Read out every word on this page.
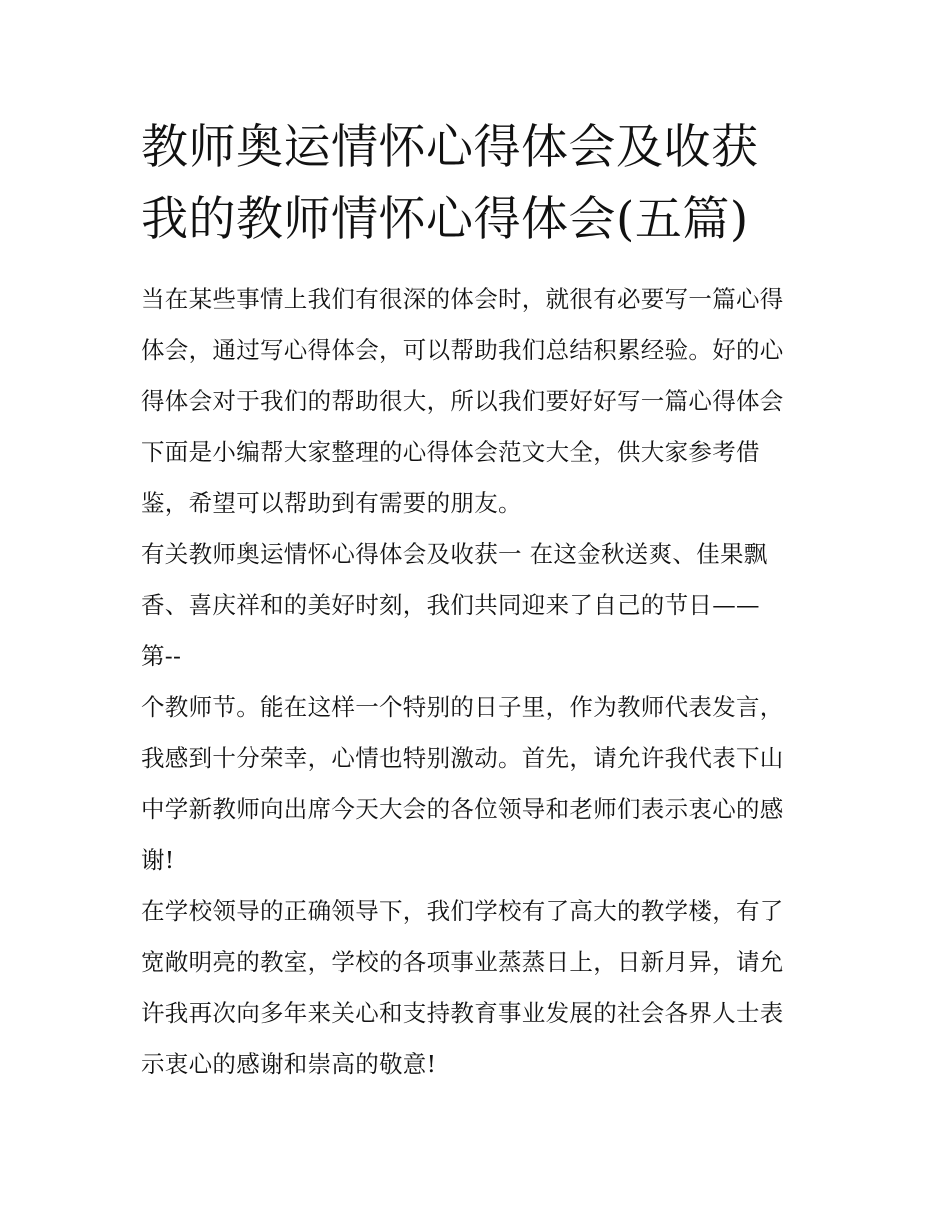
教师奥运情怀心得体会及收获
我的教师情怀心得体会(五篇)
当在某些事情上我们有很深的体会时，就很有必要写一篇心得
体会，通过写心得体会，可以帮助我们总结积累经验。好的心
得体会对于我们的帮助很大，所以我们要好好写一篇心得体会
下面是小编帮大家整理的心得体会范文大全，供大家参考借
鉴，希望可以帮助到有需要的朋友。
有关教师奥运情怀心得体会及收获一 在这金秋送爽、佳果飘
香、喜庆祥和的美好时刻，我们共同迎来了自己的节日——
第--
个教师节。能在这样一个特别的日子里，作为教师代表发言，
我感到十分荣幸，心情也特别激动。首先，请允许我代表下山
中学新教师向出席今天大会的各位领导和老师们表示衷心的感
谢!
在学校领导的正确领导下，我们学校有了高大的教学楼，有了
宽敞明亮的教室，学校的各项事业蒸蒸日上，日新月异，请允
许我再次向多年来关心和支持教育事业发展的社会各界人士表
示衷心的感谢和崇高的敬意!
